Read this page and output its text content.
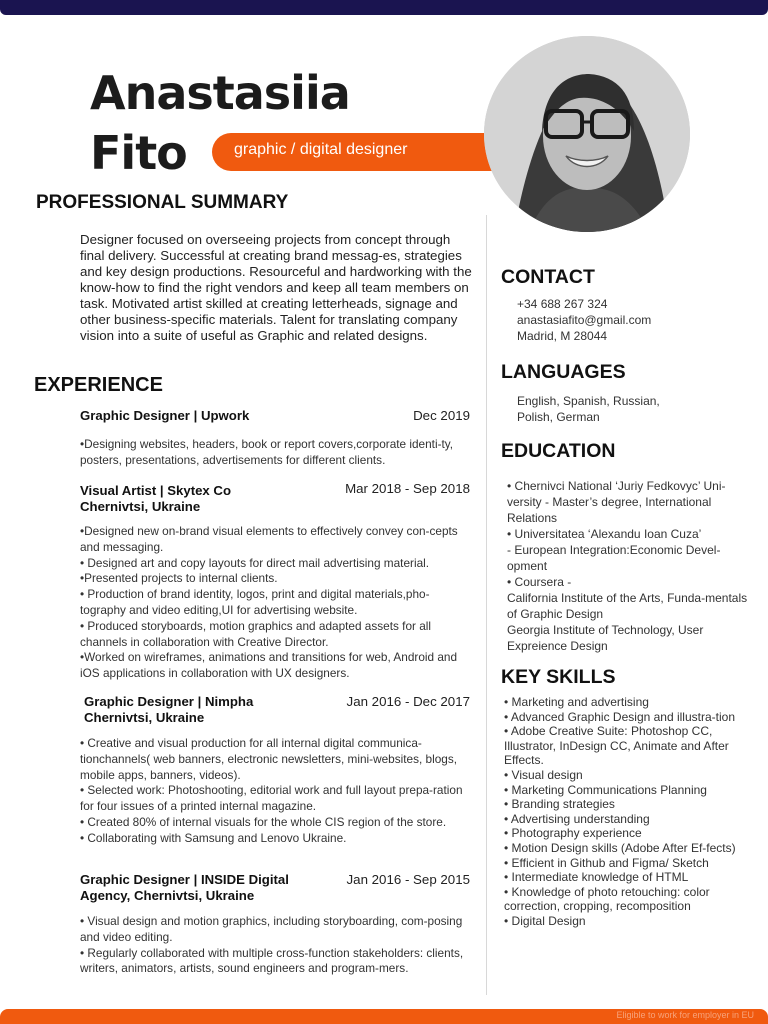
Anastasiia
Fito	graphic / digital designer
PROFESSIONAL SUMMARY
Designer focused on overseeing projects from concept through final delivery. Successful at creating brand messag-es, strategies and key design productions. Resourceful and hardworking with the know-how to find the right vendors and keep all team members on task. Motivated artist skilled at creating letterheads, signage and other business-specific materials. Talent for translating company vision into a suite of useful as Graphic and related designs.
EXPERIENCE
Graphic Designer | Upwork	Dec 2019
•Designing websites, headers, book or report covers,corporate identi-ty, posters, presentations, advertisements for different clients.
Visual Artist | Skytex Co
Chernivtsi, Ukraine
Mar 2018 - Sep 2018
•Designed new on-brand visual elements to effectively convey con-cepts and messaging.
• Designed art and copy layouts for direct mail advertising material.
•Presented projects to internal clients.
• Production of brand identity, logos, print and digital materials,pho-tography and video editing,UI for advertising website.
• Produced storyboards, motion graphics and adapted assets for all channels in collaboration with Creative Director.
•Worked on wireframes, animations and transitions for web, Android and iOS applications in collaboration with UX designers.
Graphic Designer | Nimpha
Chernivtsi, Ukraine
Jan 2016 - Dec 2017
• Creative and visual production for all internal digital communica-tionchannels( web banners, electronic newsletters, mini-websites, blogs, mobile apps, banners, videos).
• Selected work: Photoshooting, editorial work and full layout prepa-ration for four issues of a printed internal magazine.
• Created 80% of internal visuals for the whole CIS region of the store.
• Collaborating with Samsung and Lenovo Ukraine.
Graphic Designer | INSIDE Digital
Agency, Chernivtsi, Ukraine
Jan 2016 - Sep 2015
• Visual design and motion graphics, including storyboarding, com-posing and video editing.
• Regularly collaborated with multiple cross-function stakeholders: clients, writers, animators, artists, sound engineers and program-mers.
CONTACT
+34 688 267 324
anastasiafito@gmail.com
Madrid, M 28044
LANGUAGES
English, Spanish, Russian, Polish, German
EDUCATION
• Chernivci National ‘Juriy Fedkovyc’ Uni-versity - Master’s degree, International Relations
• Universitatea ‘Alexandu Ioan Cuza’
- European Integration:Economic Devel-opment
• Coursera -
California Institute of the Arts, Funda-mentals of Graphic Design
Georgia Institute of Technology, User Expreience Design
KEY SKILLS
• Marketing and advertising
• Advanced Graphic Design and illustra-tion
• Adobe Creative Suite: Photoshop CC, Illustrator, InDesign CC, Animate and After Effects.
• Visual design
• Marketing Communications Planning
• Branding strategies
• Advertising understanding
• Photography experience
• Motion Design skills (Adobe After Ef-fects)
• Efficient in Github and Figma/ Sketch
• Intermediate knowledge of HTML
• Knowledge of photo retouching: color correction, cropping, recomposition
• Digital Design
Eligible to work for employer in EU
